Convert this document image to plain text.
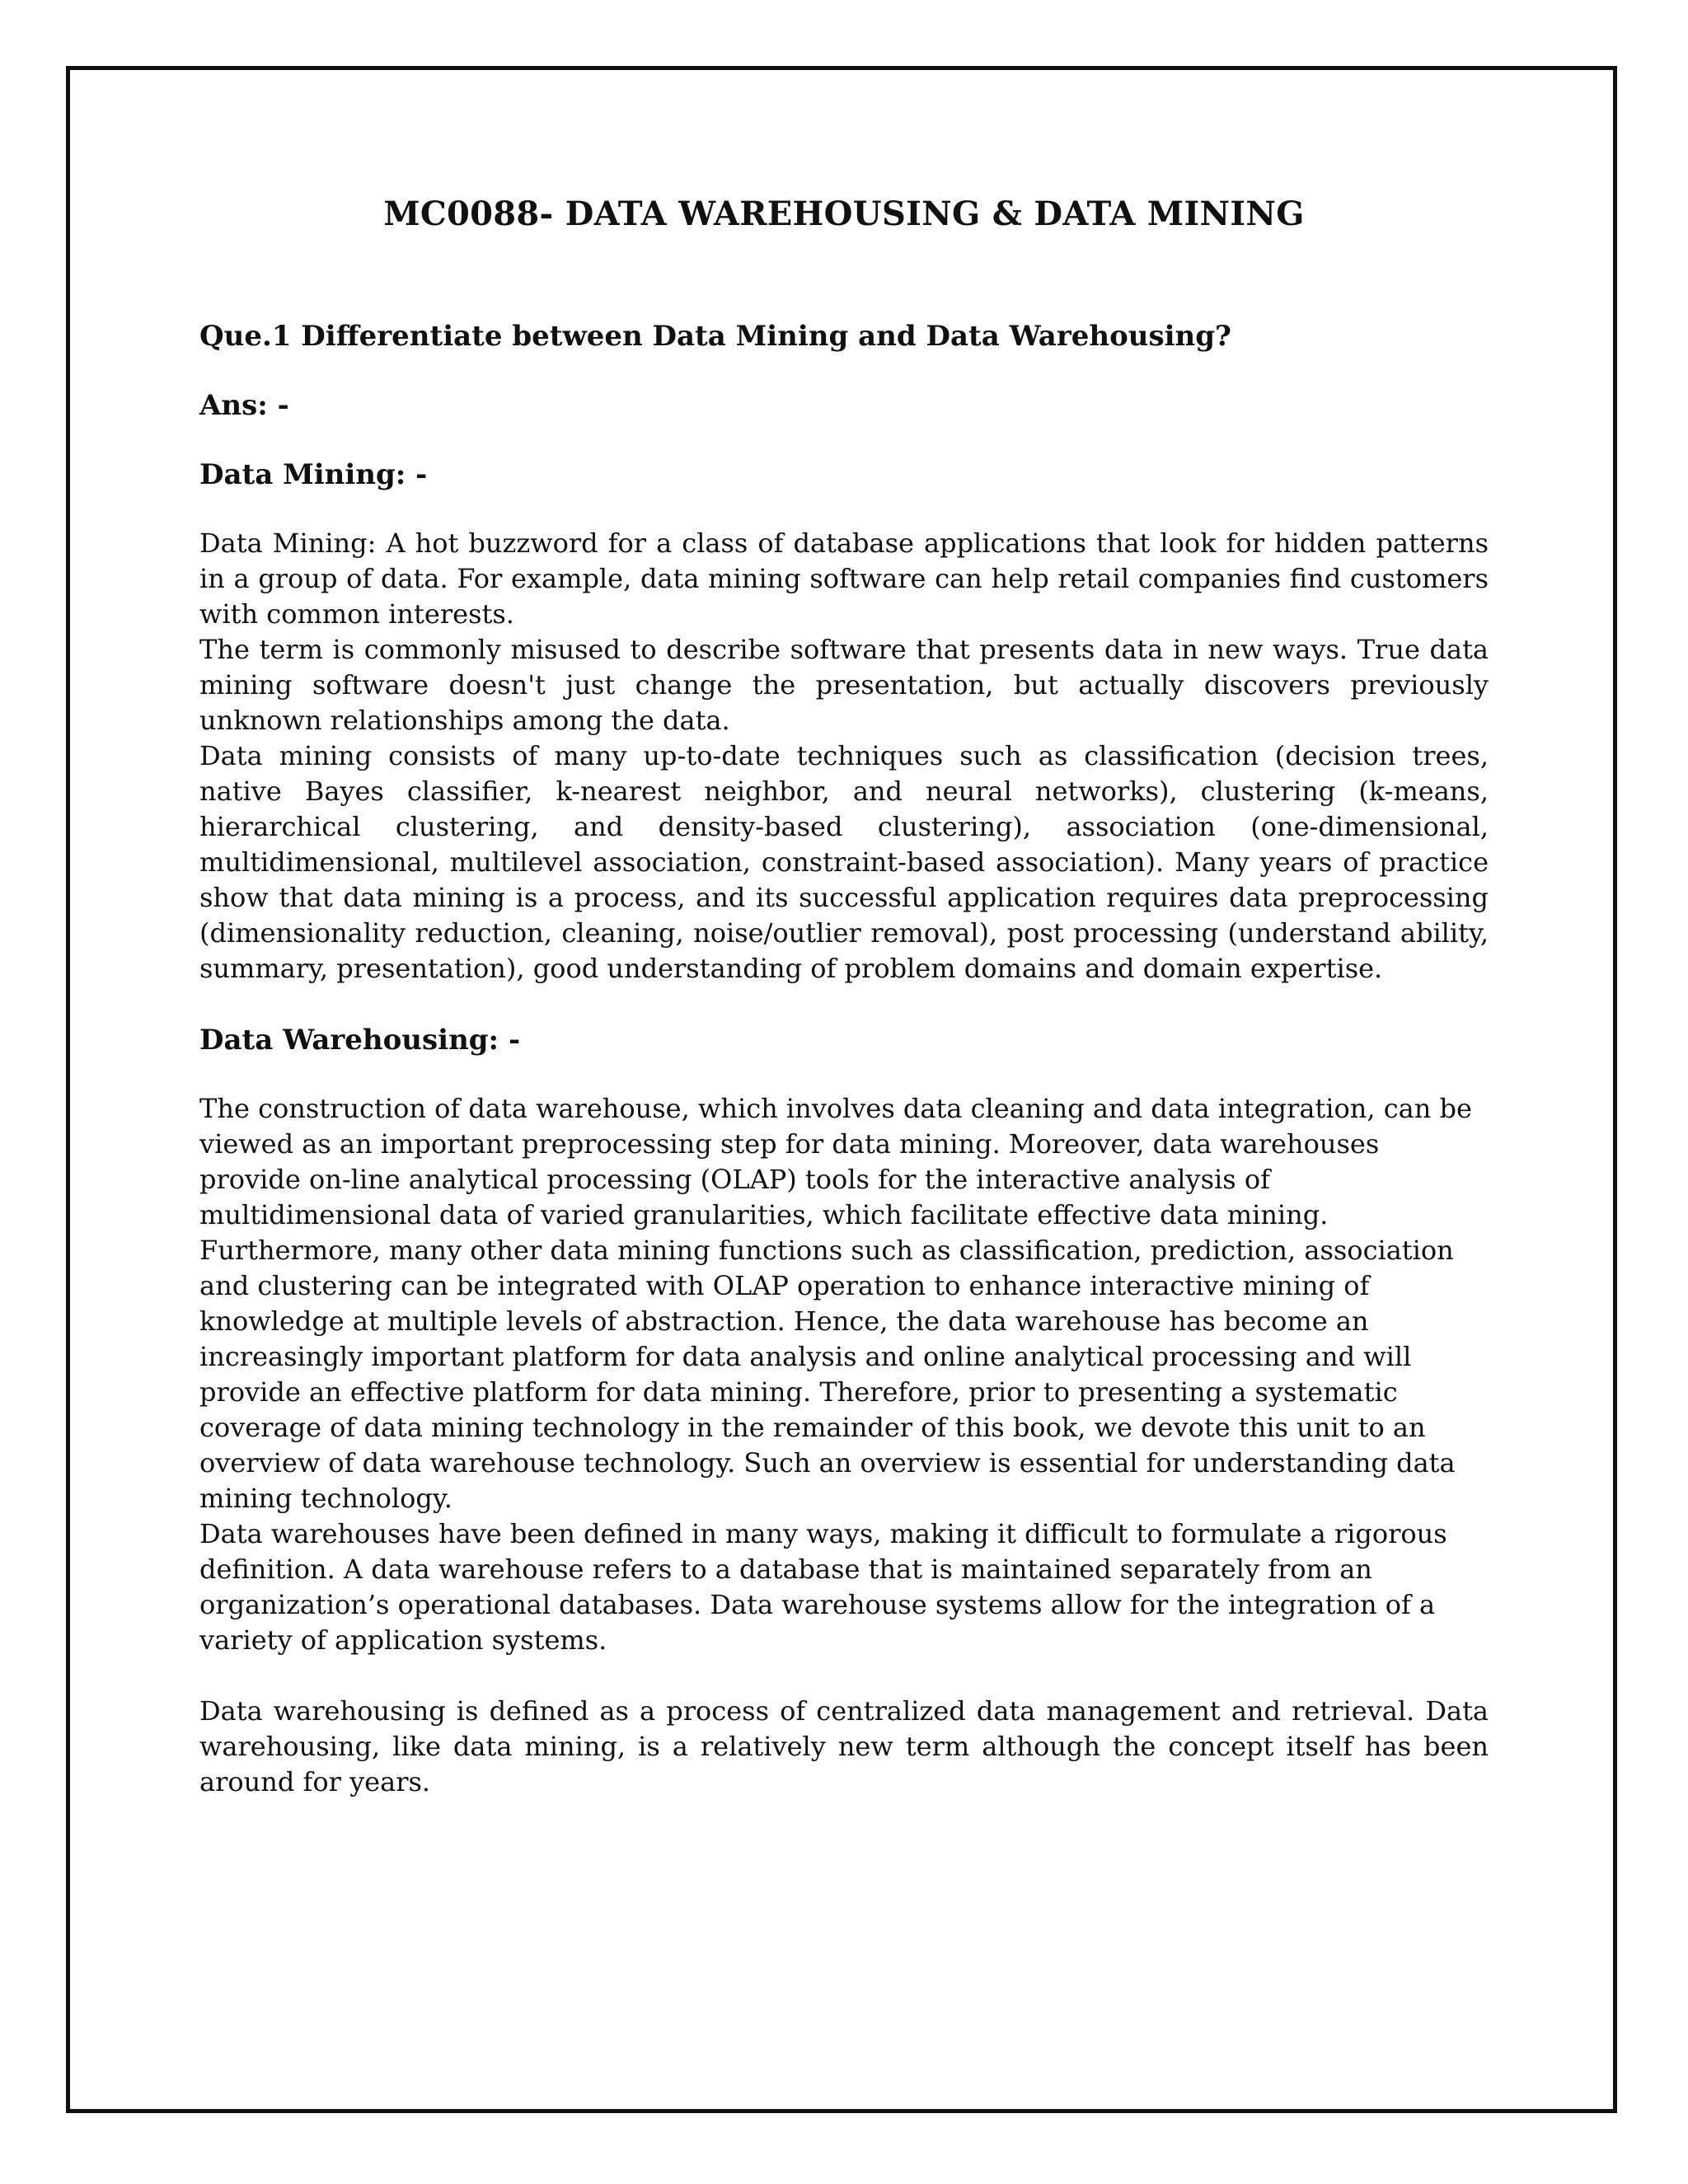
MC0088- DATA WAREHOUSING & DATA MINING
Que.1 Differentiate between Data Mining and Data Warehousing?
Ans: -
Data Mining: -

Data Mining: A hot buzzword for a class of database applications that look for hidden patterns in a group of data. For example, data mining software can help retail companies find customers with common interests.

The term is commonly misused to describe software that presents data in new ways. True data mining software doesn't just change the presentation, but actually discovers previously unknown relationships among the data.

Data mining consists of many up-to-date techniques such as classification (decision trees, native Bayes classifier, k-nearest neighbor, and neural networks), clustering (k-means, hierarchical clustering, and density-based clustering), association (one-dimensional, multidimensional, multilevel association, constraint-based association). Many years of practice show that data mining is a process, and its successful application requires data preprocessing (dimensionality reduction, cleaning, noise/outlier removal), post processing (understand ability, summary, presentation), good understanding of problem domains and domain expertise.

Data Warehousing: -

The construction of data warehouse, which involves data cleaning and data integration, can be viewed as an important preprocessing step for data mining. Moreover, data warehouses provide on-line analytical processing (OLAP) tools for the interactive analysis of multidimensional data of varied granularities, which facilitate effective data mining. Furthermore, many other data mining functions such as classification, prediction, association and clustering can be integrated with OLAP operation to enhance interactive mining of knowledge at multiple levels of abstraction. Hence, the data warehouse has become an increasingly important platform for data analysis and online analytical processing and will provide an effective platform for data mining. Therefore, prior to presenting a systematic coverage of data mining technology in the remainder of this book, we devote this unit to an overview of data warehouse technology. Such an overview is essential for understanding data mining technology.

Data warehouses have been defined in many ways, making it difficult to formulate a rigorous definition. A data warehouse refers to a database that is maintained separately from an organization’s operational databases. Data warehouse systems allow for the integration of a variety of application systems.

Data warehousing is defined as a process of centralized data management and retrieval. Data warehousing, like data mining, is a relatively new term although the concept itself has been around for years.
